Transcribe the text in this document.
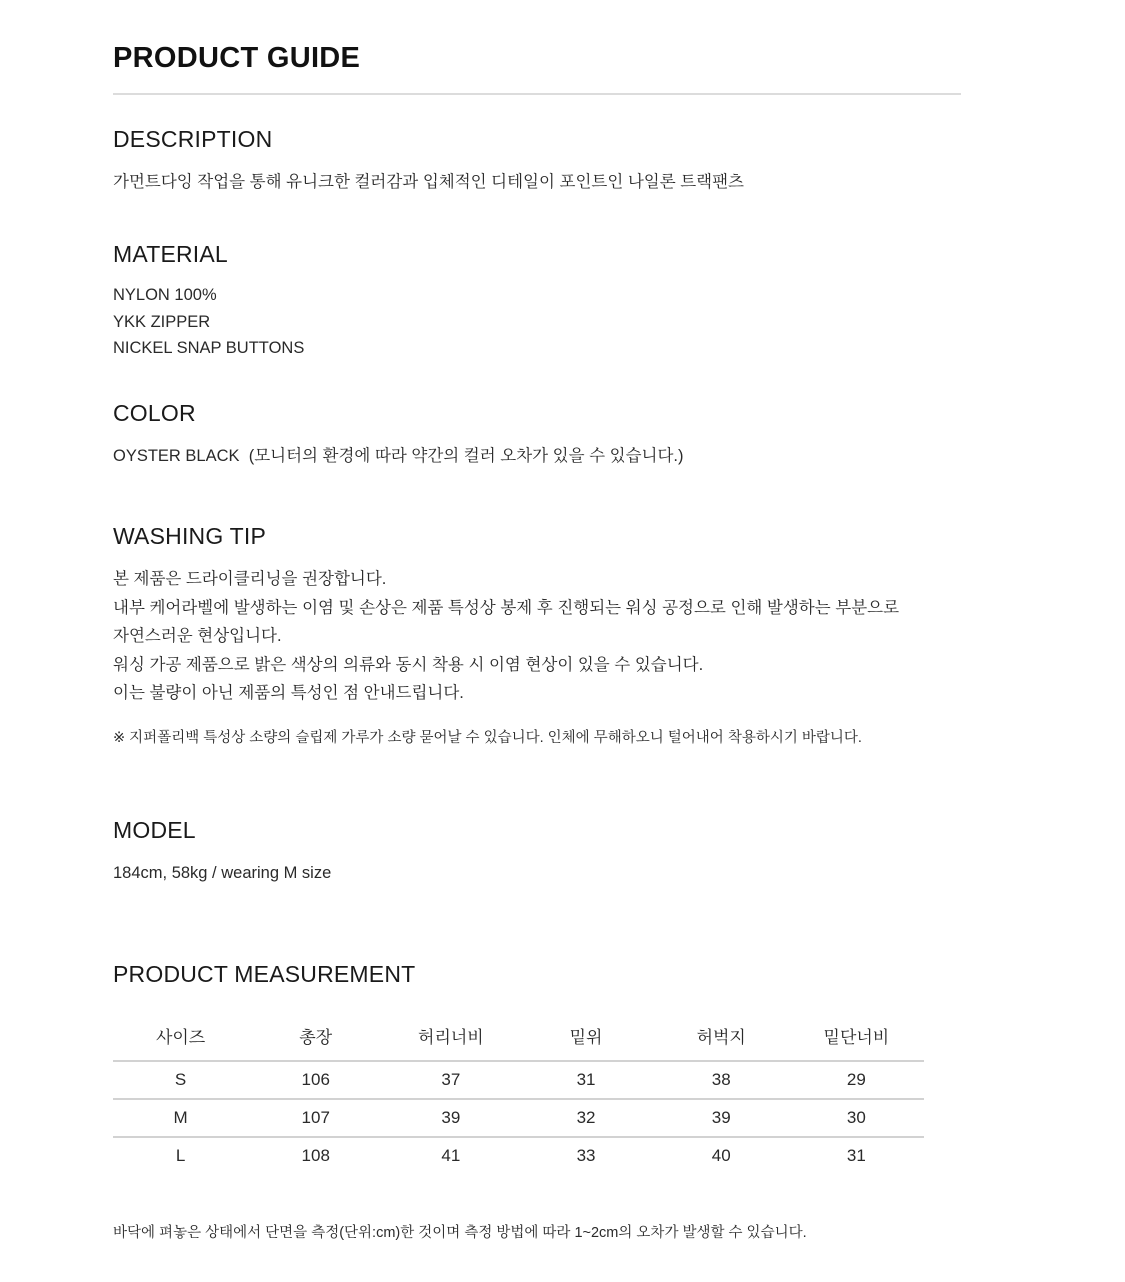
PRODUCT GUIDE
DESCRIPTION

가먼트다잉 작업을 통해 유니크한 컬러감과 입체적인 디테일이 포인트인 나일론 트랙팬츠

MATERIAL

NYLON 100%

YKK ZIPPER

NICKEL SNAP BUTTONS

COLOR

OYSTER BLACK  (모니터의 환경에 따라 약간의 컬러 오차가 있을 수 있습니다.)

WASHING TIP

본 제품은 드라이클리닝을 권장합니다.

내부 케어라벨에 발생하는 이염 및 손상은 제품 특성상 봉제 후 진행되는 워싱 공정으로 인해 발생하는 부분으로

자연스러운 현상입니다.

워싱 가공 제품으로 밝은 색상의 의류와 동시 착용 시 이염 현상이 있을 수 있습니다.

이는 불량이 아닌 제품의 특성인 점 안내드립니다.

※ 지퍼폴리백 특성상 소량의 슬립제 가루가 소량 묻어날 수 있습니다. 인체에 무해하오니 털어내어 착용하시기 바랍니다.

MODEL

184cm, 58kg / wearing M size

PRODUCT MEASUREMENT
사이즈	총장	허리너비	밑위	허벅지	밑단너비
S	106	37	31	38	29
M	107	39	32	39	30
L	108	41	33	40	31

바닥에 펴놓은 상태에서 단면을 측정(단위:cm)한 것이며 측정 방법에 따라 1~2cm의 오차가 발생할 수 있습니다.
